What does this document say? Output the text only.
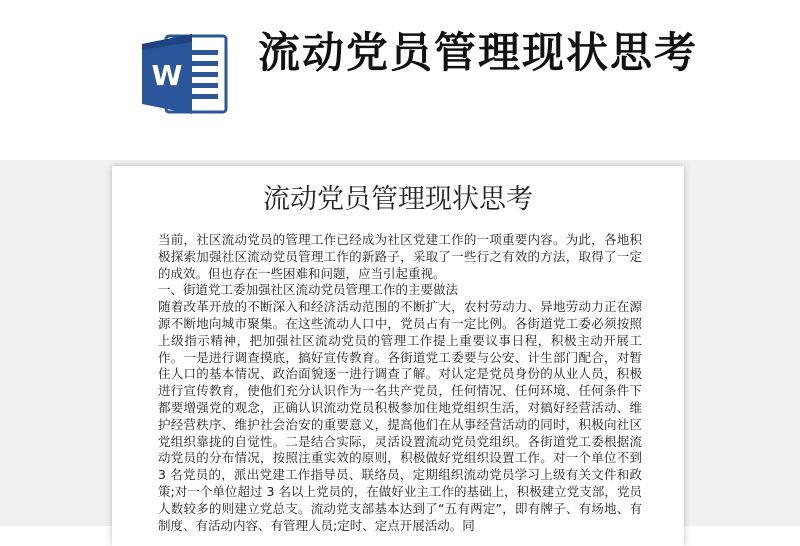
W 流动党员管理现状思考
流动党员管理现状思考

当前，社区流动党员的管理工作已经成为社区党建工作的一项重要内容。为此，各地积极探索加强社区流动党员管理工作的新路子，采取了一些行之有效的方法，取得了一定的成效。但也存在一些困难和问题，应当引起重视。

一、街道党工委加强社区流动党员管理工作的主要做法

随着改革开放的不断深入和经济活动范围的不断扩大，农村劳动力、异地劳动力正在源源不断地向城市聚集。在这些流动人口中，党员占有一定比例。各街道党工委必须按照上级指示精神，把加强社区流动党员的管理工作提上重要议事日程，积极主动开展工作。一是进行调查摸底，搞好宣传教育。各街道党工委要与公安、计生部门配合，对暂住人口的基本情况、政治面貌逐一进行调查了解。对认定是党员身份的从业人员，积极进行宣传教育，使他们充分认识作为一名共产党员，任何情况、任何环境、任何条件下都要增强党的观念，正确认识流动党员积极参加住地党组织生活，对搞好经营活动、维护经营秩序、维护社会治安的重要意义，提高他们在从事经营活动的同时，积极向社区党组织靠拢的自觉性。二是结合实际，灵活设置流动党员党组织。各街道党工委根据流动党员的分布情况，按照注重实效的原则，积极做好党组织设置工作。对一个单位不到 3 名党员的，派出党建工作指导员、联络员，定期组织流动党员学习上级有关文件和政策;对一个单位超过 3 名以上党员的，在做好业主工作的基础上，积极建立党支部，党员人数较多的则建立党总支。流动党支部基本达到了“五有两定”，即有牌子、有场地、有制度、有活动内容、有管理人员;定时、定点开展活动。同
